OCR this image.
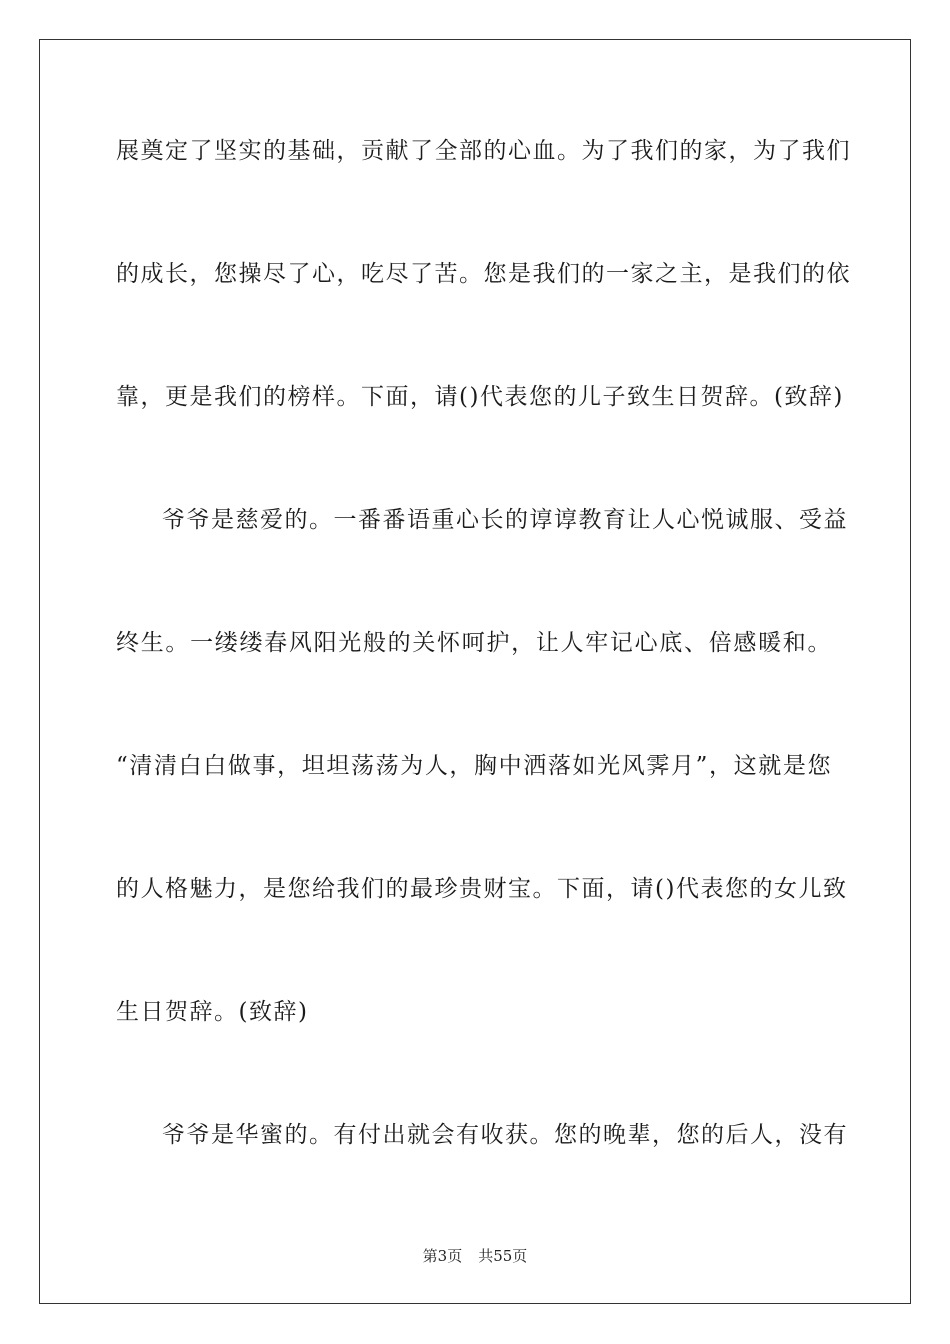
展奠定了坚实的基础，贡献了全部的心血。为了我们的家，为了我们
的成长，您操尽了心，吃尽了苦。您是我们的一家之主，是我们的依
靠，更是我们的榜样。下面，请()代表您的儿子致生日贺辞。(致辞)
爷爷是慈爱的。一番番语重心长的谆谆教育让人心悦诚服、受益
终生。一缕缕春风阳光般的关怀呵护，让人牢记心底、倍感暖和。
“清清白白做事，坦坦荡荡为人，胸中洒落如光风霁月”，这就是您
的人格魅力，是您给我们的最珍贵财宝。下面，请()代表您的女儿致
生日贺辞。(致辞)
爷爷是华蜜的。有付出就会有收获。您的晚辈，您的后人，没有
第3页 共55页
